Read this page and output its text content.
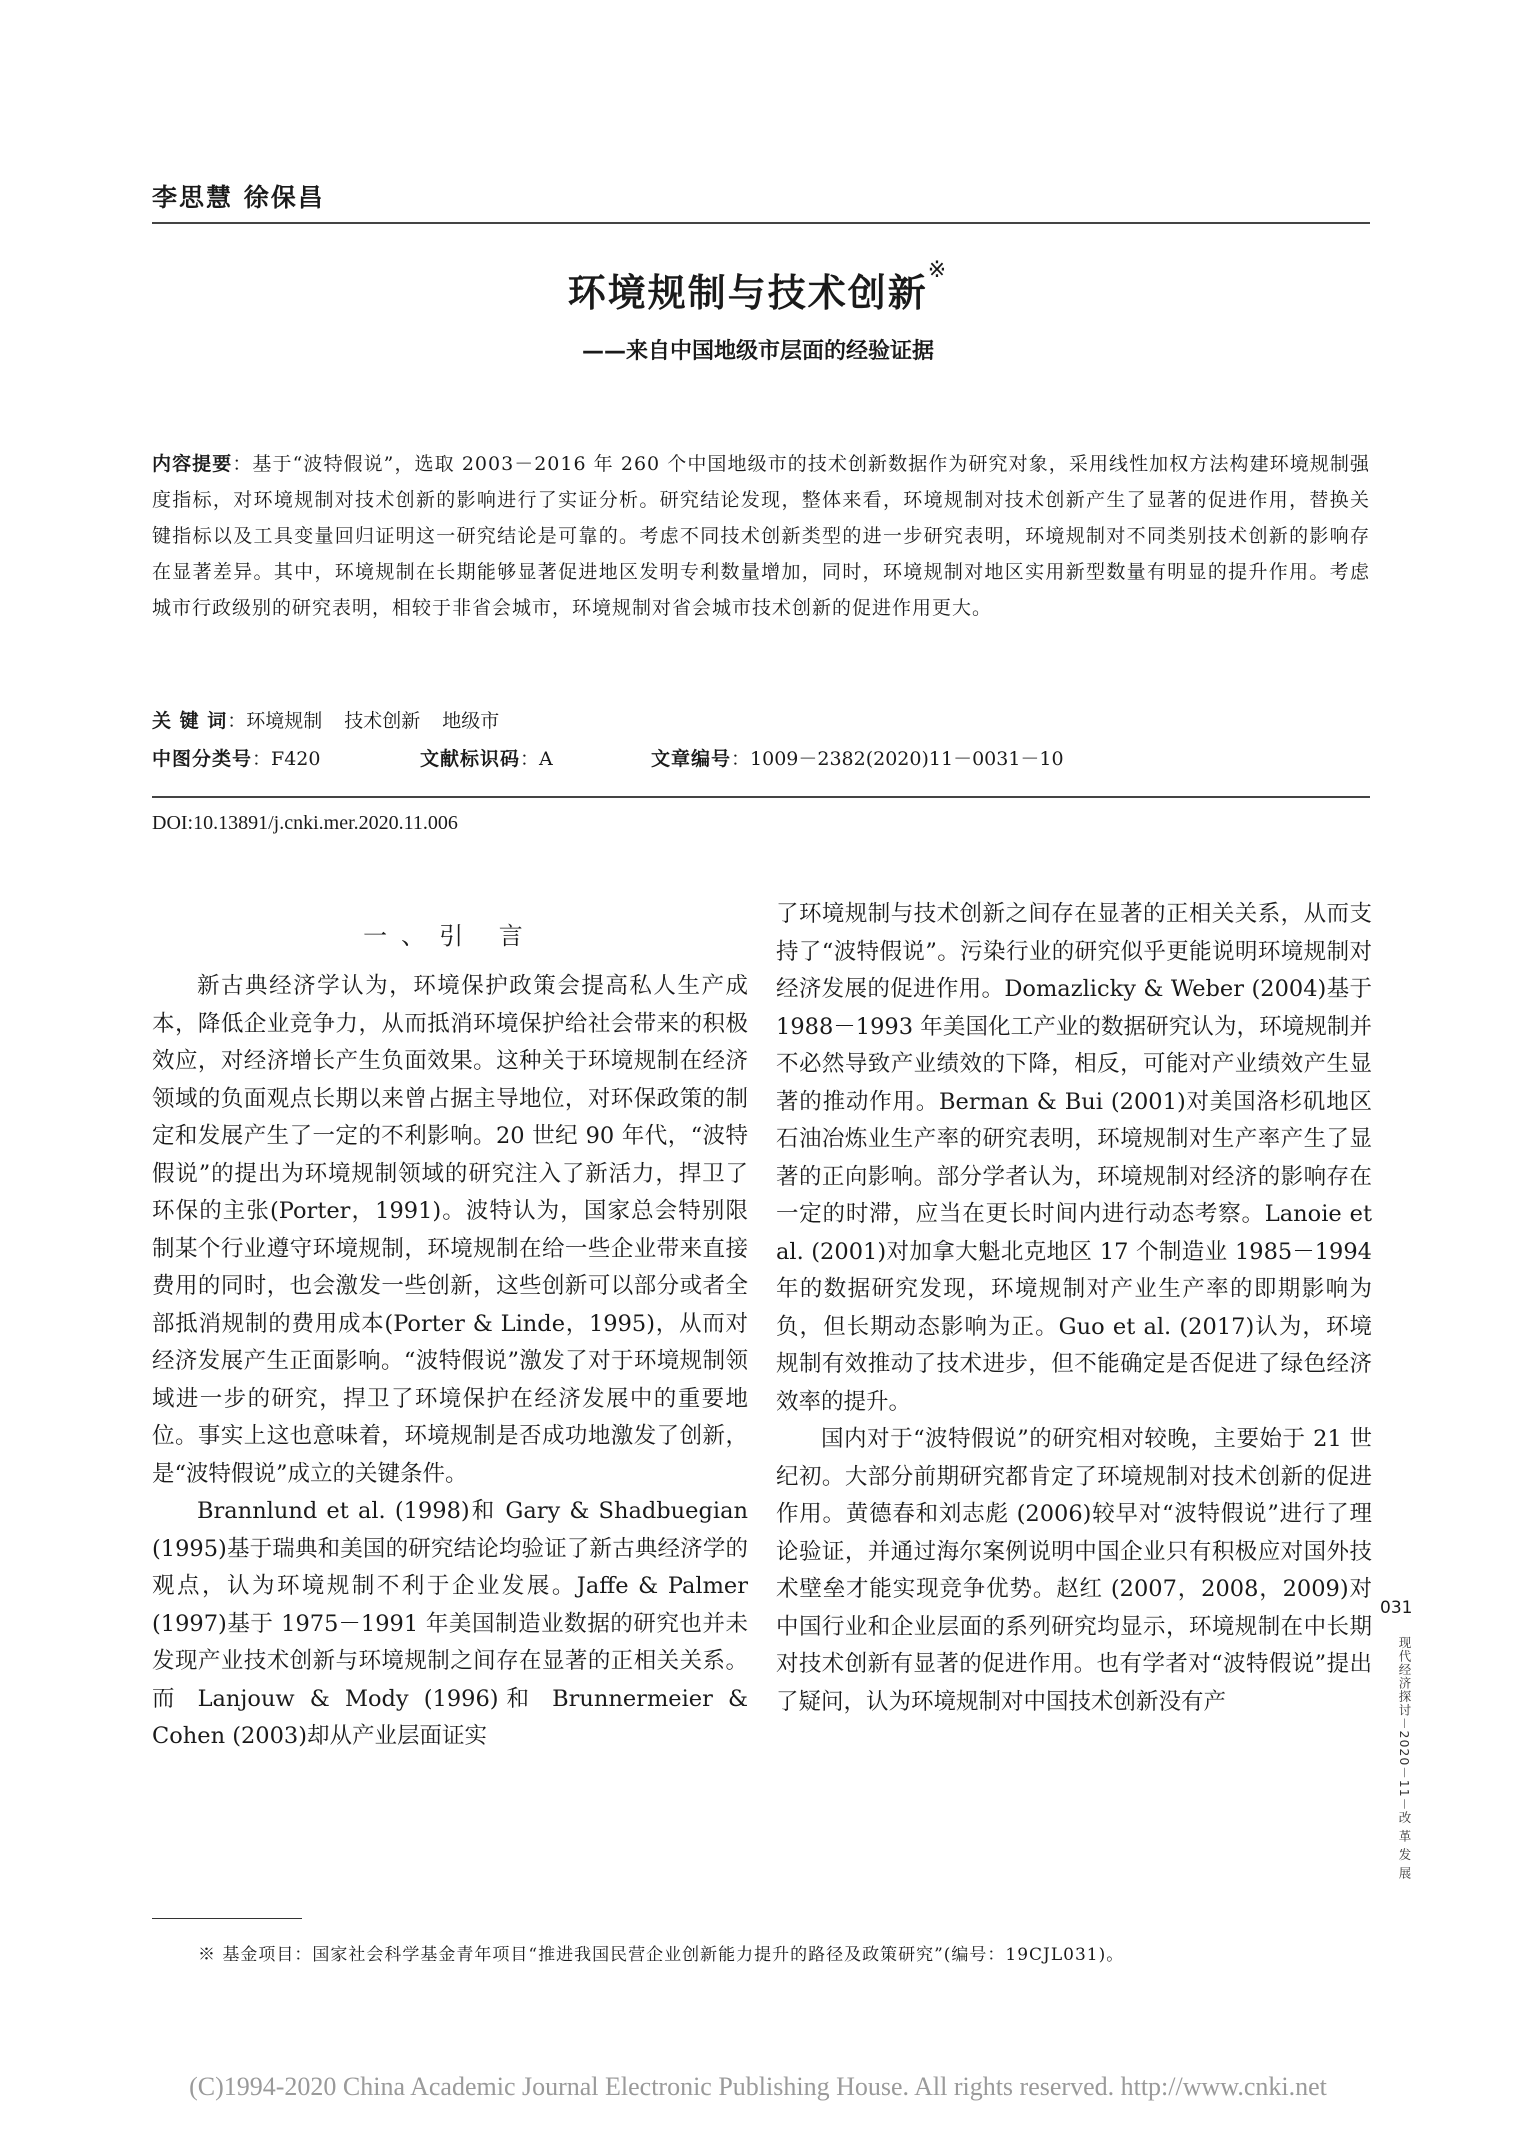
李思慧 徐保昌
环境规制与技术创新※
——来自中国地级市层面的经验证据
内容提要：基于“波特假说”，选取 2003－2016 年 260 个中国地级市的技术创新数据作为研究对象，采用线性加权方法构建环境规制强度指标，对环境规制对技术创新的影响进行了实证分析。研究结论发现，整体来看，环境规制对技术创新产生了显著的促进作用，替换关键指标以及工具变量回归证明这一研究结论是可靠的。考虑不同技术创新类型的进一步研究表明，环境规制对不同类别技术创新的影响存在显著差异。其中，环境规制在长期能够显著促进地区发明专利数量增加，同时，环境规制对地区实用新型数量有明显的提升作用。考虑城市行政级别的研究表明，相较于非省会城市，环境规制对省会城市技术创新的促进作用更大。
关 键 词：环境规制 技术创新 地级市
中图分类号：F420	文献标识码：A	文章编号：1009－2382(2020)11－0031－10
DOI:10.13891/j.cnki.mer.2020.11.006
一、引 言

新古典经济学认为，环境保护政策会提高私人生产成本，降低企业竞争力，从而抵消环境保护给社会带来的积极效应，对经济增长产生负面效果。这种关于环境规制在经济领域的负面观点长期以来曾占据主导地位，对环保政策的制定和发展产生了一定的不利影响。20 世纪 90 年代，“波特假说”的提出为环境规制领域的研究注入了新活力，捍卫了环保的主张(Porter，1991)。波特认为，国家总会特别限制某个行业遵守环境规制，环境规制在给一些企业带来直接费用的同时，也会激发一些创新，这些创新可以部分或者全部抵消规制的费用成本(Porter & Linde，1995)，从而对经济发展产生正面影响。“波特假说”激发了对于环境规制领域进一步的研究，捍卫了环境保护在经济发展中的重要地位。事实上这也意味着，环境规制是否成功地激发了创新，是“波特假说”成立的关键条件。

Brannlund et al. (1998)和 Gary & Shadbuegian (1995)基于瑞典和美国的研究结论均验证了新古典经济学的观点，认为环境规制不利于企业发展。Jaffe & Palmer (1997)基于 1975－1991 年美国制造业数据的研究也并未发现产业技术创新与环境规制之间存在显著的正相关关系。而 Lanjouw & Mody (1996)和 Brunnermeier & Cohen (2003)却从产业层面证实

了环境规制与技术创新之间存在显著的正相关关系，从而支持了“波特假说”。污染行业的研究似乎更能说明环境规制对经济发展的促进作用。Domazlicky & Weber (2004)基于 1988－1993 年美国化工产业的数据研究认为，环境规制并不必然导致产业绩效的下降，相反，可能对产业绩效产生显著的推动作用。Berman & Bui (2001)对美国洛杉矶地区石油冶炼业生产率的研究表明，环境规制对生产率产生了显著的正向影响。部分学者认为，环境规制对经济的影响存在一定的时滞，应当在更长时间内进行动态考察。Lanoie et al. (2001)对加拿大魁北克地区 17 个制造业 1985－1994 年的数据研究发现，环境规制对产业生产率的即期影响为负，但长期动态影响为正。Guo et al. (2017)认为，环境规制有效推动了技术进步，但不能确定是否促进了绿色经济效率的提升。

国内对于“波特假说”的研究相对较晚，主要始于 21 世纪初。大部分前期研究都肯定了环境规制对技术创新的促进作用。黄德春和刘志彪 (2006)较早对“波特假说”进行了理论验证，并通过海尔案例说明中国企业只有积极应对国外技术壁垒才能实现竞争优势。赵红 (2007，2008，2009)对中国行业和企业层面的系列研究均显示，环境规制在中长期对技术创新有显著的促进作用。也有学者对“波特假说”提出了疑问，认为环境规制对中国技术创新没有产

※ 基金项目：国家社会科学基金青年项目“推进我国民营企业创新能力提升的路径及政策研究”(编号：19CJL031)。
031
现代经济探讨－2020－11－改 革 发 展
(C)1994-2020 China Academic Journal Electronic Publishing House. All rights reserved. http://www.cnki.net
